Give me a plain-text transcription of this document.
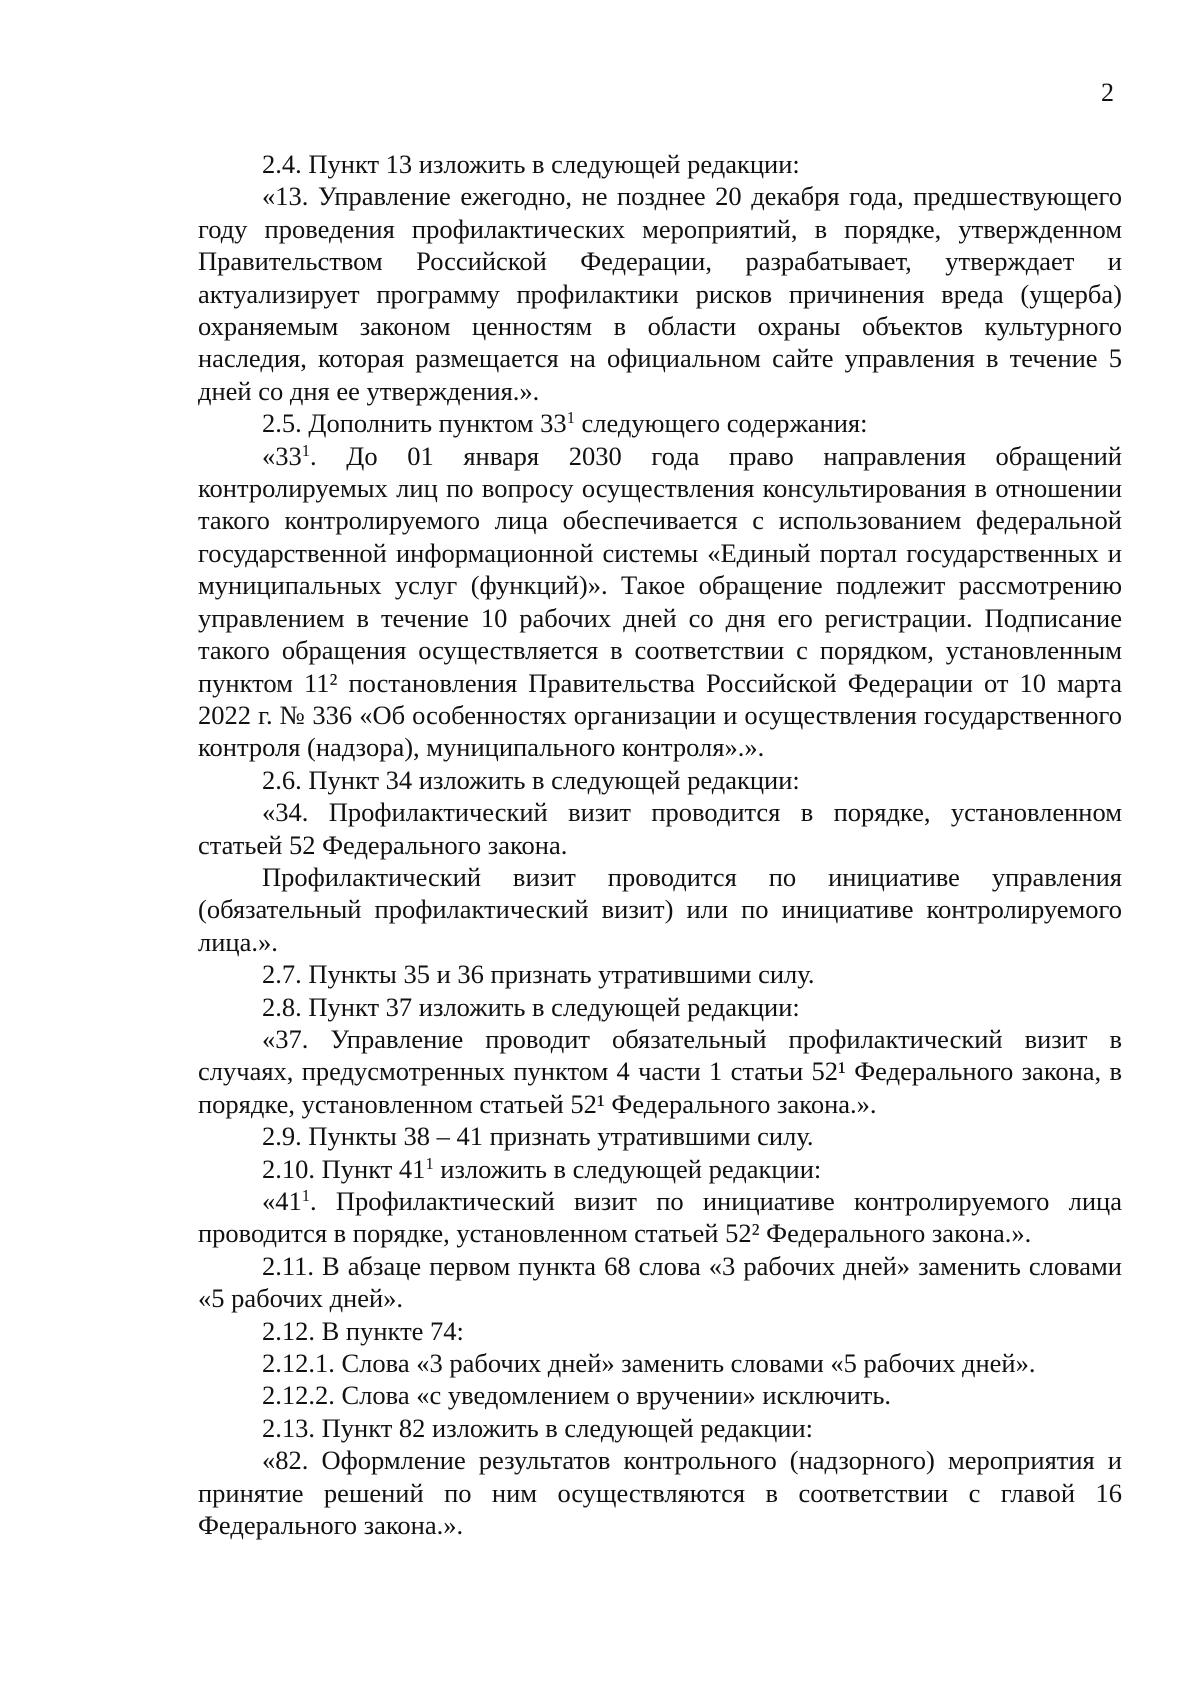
2

2.4. Пункт 13 изложить в следующей редакции:

«13. Управление ежегодно, не позднее 20 декабря года, предшествующего году проведения профилактических мероприятий, в порядке, утвержденном Правительством Российской Федерации, разрабатывает, утверждает и актуализирует программу профилактики рисков причинения вреда (ущерба) охраняемым законом ценностям в области охраны объектов культурного наследия, которая размещается на официальном сайте управления в течение 5 дней со дня ее утверждения.».

2.5. Дополнить пунктом $33^1$ следующего содержания:

«$33^1$. До 01 января 2030 года право направления обращений контролируемых лиц по вопросу осуществления консультирования в отношении такого контролируемого лица обеспечивается с использованием федеральной государственной информационной системы «Единый портал государственных и муниципальных услуг (функций)». Такое обращение подлежит рассмотрению управлением в течение 10 рабочих дней со дня его регистрации. Подписание такого обращения осуществляется в соответствии с порядком, установленным пунктом 11² постановления Правительства Российской Федерации от 10 марта 2022 г. № 336 «Об особенностях организации и осуществления государственного контроля (надзора), муниципального контроля».».

2.6. Пункт 34 изложить в следующей редакции:

«34. Профилактический визит проводится в порядке, установленном статьей 52 Федерального закона.

Профилактический визит проводится по инициативе управления (обязательный профилактический визит) или по инициативе контролируемого лица.».

2.7. Пункты 35 и 36 признать утратившими силу.

2.8. Пункт 37 изложить в следующей редакции:

«37. Управление проводит обязательный профилактический визит в случаях, предусмотренных пунктом 4 части 1 статьи 52¹ Федерального закона, в порядке, установленном статьей 52¹ Федерального закона.».

2.9. Пункты 38 – 41 признать утратившими силу.

2.10. Пункт $41^1$ изложить в следующей редакции:

«$41^1$. Профилактический визит по инициативе контролируемого лица проводится в порядке, установленном статьей 52² Федерального закона.».

2.11. В абзаце первом пункта 68 слова «3 рабочих дней» заменить словами «5 рабочих дней».

2.12. В пункте 74:

2.12.1. Слова «3 рабочих дней» заменить словами «5 рабочих дней».

2.12.2. Слова «с уведомлением о вручении» исключить.

2.13. Пункт 82 изложить в следующей редакции:

«82. Оформление результатов контрольного (надзорного) мероприятия и принятие решений по ним осуществляются в соответствии с главой 16 Федерального закона.».
